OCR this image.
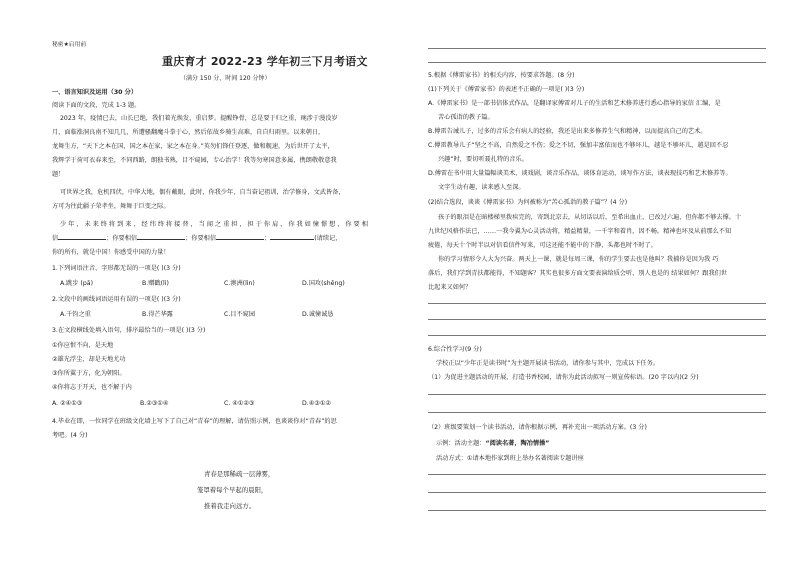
秘密★启用前
重庆育才 2022-23 学年初三下月考语文
（满分 150 分，时间 120 分钟）
一、语言知识及运用（30 分）
阅读下面的文段，完成 1-3 题。
2023 年，疫情已去，山长已绝，我们着光焕发，重启梦。提醒铮骨，总是要于归之重，琬涉于漫没岁
月，面临涨洞良南不知几几，所遭骚翻魔斗拳于心，然后依故乡骑生高难，自自归雨里。以来朝日，
龙舞生方，“天下之本在国，国之本在家，家之本在身。”英勿们锋任登逐，做和舰速，为后世开了太平，
我辉学于荷可衣春来至，不同西路，朗独书熟，目不窥园，专心治学！我等勿寒国意多属，携朗敬敬意我
题！
可世界之我，危机四伏，中华大地，偶有戴眼，此时，你我少年，自当奋记祖训，治学修身，文武皆备，
方可为往此疆子荣孝坐，舞舞于巨变之际。
少 年 ， 未 来 终 将 到 来 ， 经 纬 终 将 接 替 ， 当 闻 之 重 担 ， 担 于 你 肩 ， 你 我 如 憧 憬 想 ， 你 要 相
信	；你要相信	；你要相信	；	(请续记，
你的所有，就是中国！你感受中国的力量！
1.下列词语注音、字形都无误的一项是( )(3 分)
A.跳步 (pā)	B.赠戳(lì)	C.澳洲(lìn)	D.国攻(shěng)
2.文段中的画线词语运用有误的一项是( )(3 分)
A.千钧之重	B.得芒华露	C.目不窥园	D.诚憧诚恳
3.在文段横线处填入语句，排序最恰当的一项是( )(3 分)
①你应恨不向，是天地
②雄光浮尘，却是天地尤功
③你所翼于方，化为朝阳。
④你将志于开天，也不解于内
A. ②④①③	B.②③①④	C. ④①②③	D.④③①②
4.毕业在即，一位同学在班级文化墙上写下了自己对“青春”的理解，请仿照示例，也谈谈你对“青春”的思
考吧。(4 分)
青春是那稀疏一层薄雾，
笼罩着每个早起的晨阳，
推着我走向远方。
5.根据《傅雷家书》的相关内容，按要求答题。(8 分)
(1)下列关于《傅雷家书》的表述不正确的一项是( )(3 分)
A.《傅雷家书》是一部书信体式作品，是翻译家傅雷对儿子的生活和艺术修养进行悉心指导的家信 汇编，是
苦心孤诣的教子篇。
B.傅雷告诫儿子，过多的音乐会有病人的经验，我还是出来多修养生气和精神，以而提高自己的艺术。
C.傅雷教导儿子“坚之不高，自然爱之不伤；爱之不切，强加丰富依而也不够坏儿，越是不够坏儿，越是回不忍
兴趣”时，要切听聂扎特的音乐。
D.傅雷在书中用大量篇幅谈美术，谈戏剧，谈音乐作品，谈体育运动，谈写作方法，谈表现技巧和艺术修养等。
文字生动有趣，读来感人至深。
(2)结合选段，谈谈《傅雷家书》为何被称为“苦心孤诣的教子篇”？(4 分)
孩子的眼泪是在暗楼梯里拨疾完的，寄到北京去，从切话以后，至希出血止，已改过六遍，但你都不够去撑。十
九世纪风格作法已，……一我今翼为心灵活动将，精益精量，一千字和着肖，因不畅。精神也坏及从前那么不知
疲倦，每天十个时半以对信看信件写来，可这还能不能中的下静，头都也时不时了。
你的学习情形令人大为兴奋。两天上一课，就是每周三课，你的学生要去也是他叫？我捕你是因为我 巧
落后，我们学到青扶都能得，不知题客？其实也很多方面文要表演给质会听，别人也是的 结果如何？跟我们世
比起来又如何？
6.综合性学习(9 分)
学校正以“少年正是读书时”为主题开展读书活动，请你参与其中，完成以下任务。
（1）为促进主题活动的开展，打造书香校园，请你为此活动拟写一则宣传标语。(20 字以内)(2 分)
（2）班级要策划一个读书活动，请你根据示例，再补充出一项活动方案。(3 分)
示例：活动主题：“阅读名著，陶冶情操”
活动方式：①请本地作家到班上举办名著阅读专题讲座
